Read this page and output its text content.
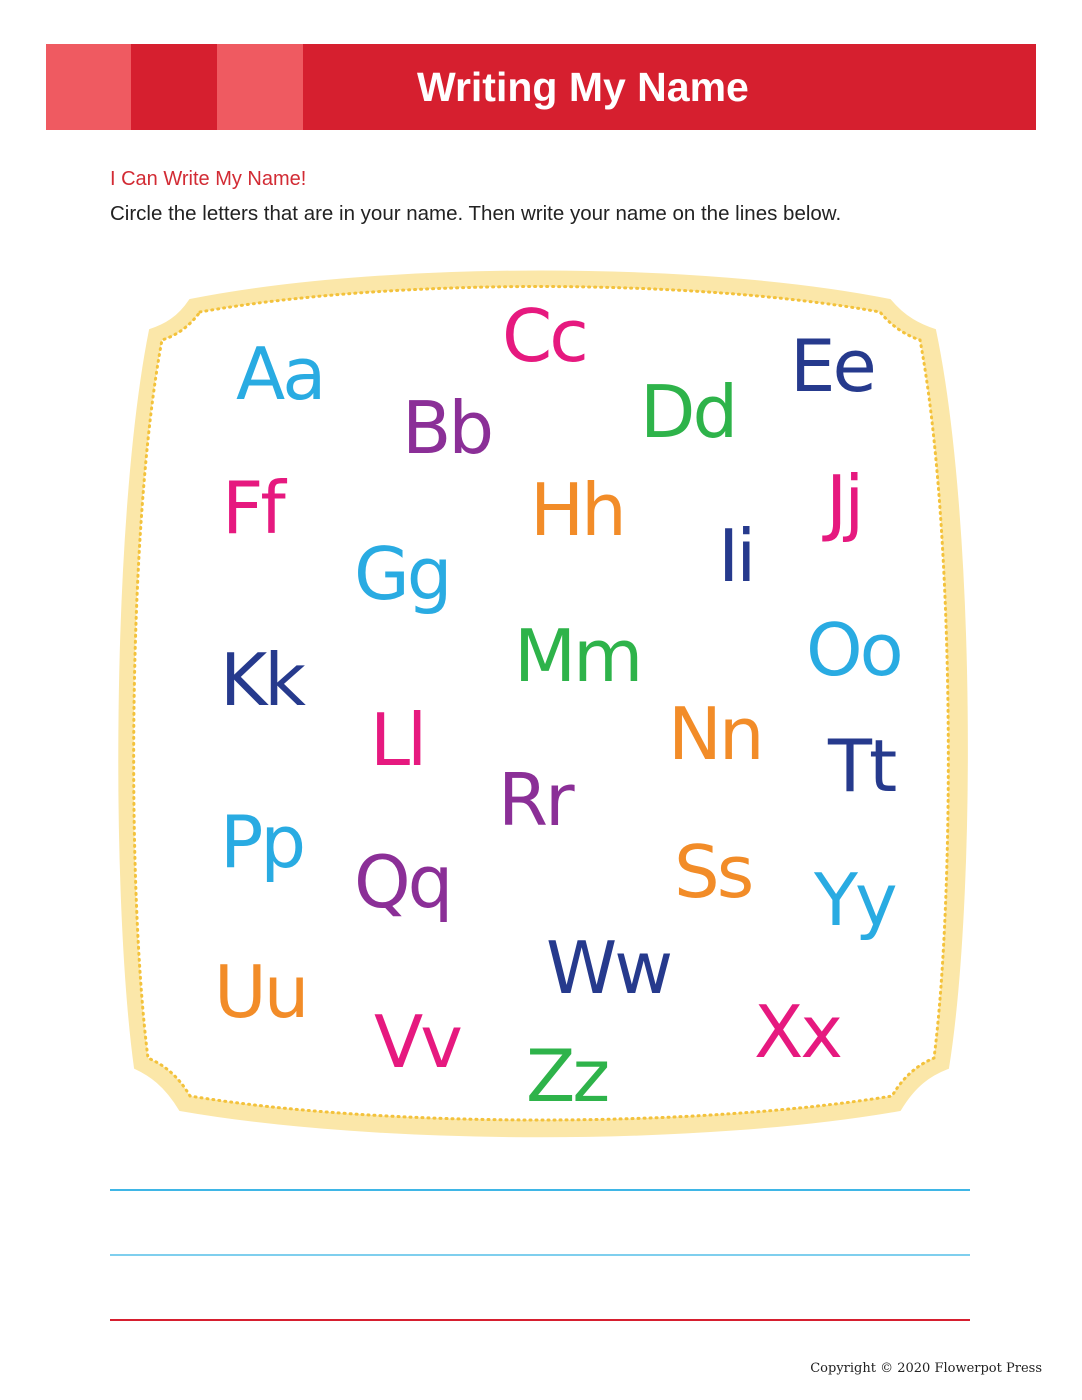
Writing My Name
I Can Write My Name!
Circle the letters that are in your name. Then write your name on the lines below.
Aa
Bb
Cc
Dd
Ee
Ff
Gg
Hh
Ii
Jj
Kk
Ll
Mm
Nn
Oo
Pp Qq
Rr
Ss
Tt
Uu
Vv
Ww
Xx
Yy
Zz
Copyright © 2020 Flowerpot Press
